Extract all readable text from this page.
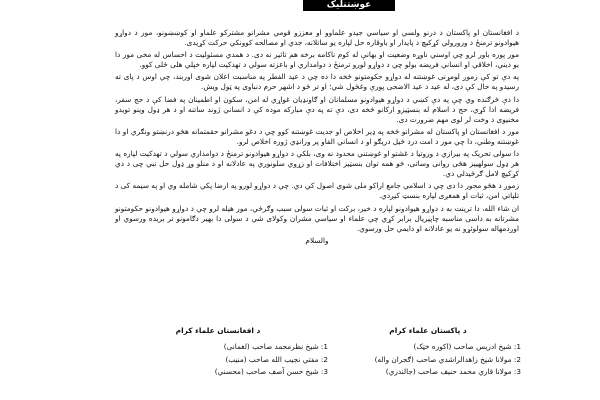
عوښتنليک

د افغانستان او پاکستان د درنو ولسي او سياسي جيدو علماوو او معززو قومي مشرانو مشترکو علماو او کوښښونو، مور د دواړو هيوادونو ترمنځ د ورورولي کړکيچ د پايدار او باوقاره حل لپاره يو ساتلانه، جدي او مصالحه کوونکي حرکت کړيدی.

مور پوره باور لرو چي اوسني ناوړه وضعيت او بهانې له کوم ناکامه برخه هم تاثير نه دی. د همدي مسئوليت د احساس له مخی مور دا يو ديني، اخلاقي او انساني فريضه بولو چي د دواړو لورو ترمنځ د دوامداري او باعزته سولي د تهدکيت لپاره خپلي هلی ځلی کوو.

په دې تو کې زموږ لومړنی غوښتنه له دواړو حکومتونو څخه دا ده چي د عيد الفطر په مناسبت اعلان شوی اوربند، چي اوس د پای ته رسيدو په حال کې دی، له عيد د عيد الاضحی پورې وغځول شي؛ او تر څو د اشهر حرم دنباوی په ټول ويش.

دا دې څرګنده وي چې په دې کښي د دواړو هيوادونو مسلمانان او ګاونډيان غواړي له امن، سکون او اطمينان په فضا کې د حج سفر، فريضه ادا کړي، حج د اسلام له بنسټيزو ارکانو څخه دی، دې ته په دې مبارکه موده کې د انساني ژوند ساتنه او د هر ډول وینو تویدو مخنیوی د وخت لر لوی مهم ضرورت دی.

مور د افغانستان او پاکستان له مشرانو څخه په ډير اخلاص او جديت غوښتنه کوو چي د دغو مشرانو حقمتمانه هڅو درنښتو ونګري او دا غوښتنه وطني، دا چي مور د امت درد څيل دريګو او د انساني الفاو پر ورانډي ژوره اخلاص لرو.

دا سولی تحريک په بيرازي د وروتيا د غشتو او غوښتني محدود نه وی، بلکي د دواړو هيوادونو ترمنځ د دوامداري سولي د تهدکيت لپاره په هر ډول سولهييز هڅی روانی وساتی، څو همه توان بنسټيز اختلافات او زړوي سلونوري په عادلانه او د منلو وړ ډول حل نبي چی د دي کړکيچ لامل ګرځيدلي دي.

زموږ د هڅو محور دا دی چي د اسلامي جامع اراکو ملی شوی اصول کي دي. چي د دواړو لورو په ارضا پکي شامله وي او په سيمه کی د تلپاتي امن، ثبات او همغږی لپاره بنسټ کیږدي.

ان شاء الله، دا ترينت به د دواړو هيوادونو لپاره د خير، برکت او ثبات سولی سبب وګرځي، مور هيله لرو چي د دواړو هيوادونو حکومتونو مشرتانه به داسی مناسبه چاپیريال برابر کړي چي علماء او سياسي مشران وکولای شي د سولی دا بهير دګامونو تر بريده ورسوي او اوږدمهاله سولوئړو نه يو عادلانه او دايمي حل ورسوي.

والسلام

د افغانستان علماء کرام	د پاکستان علماء کرام
1: شيخ نظرمحمد صاحب (لغمانی)
2: مفتي نجيب الله صاحب (منيب)
3: شيخ حسن آصف صاحب (محسني)
1: شيخ ادريس صاحب (اکوره خټک)
2: مولانا شيخ زاهدالراشدي صاحب (ګجران واله)
3: مولانا قاري محمد حنيف صاحب (جالندري)
